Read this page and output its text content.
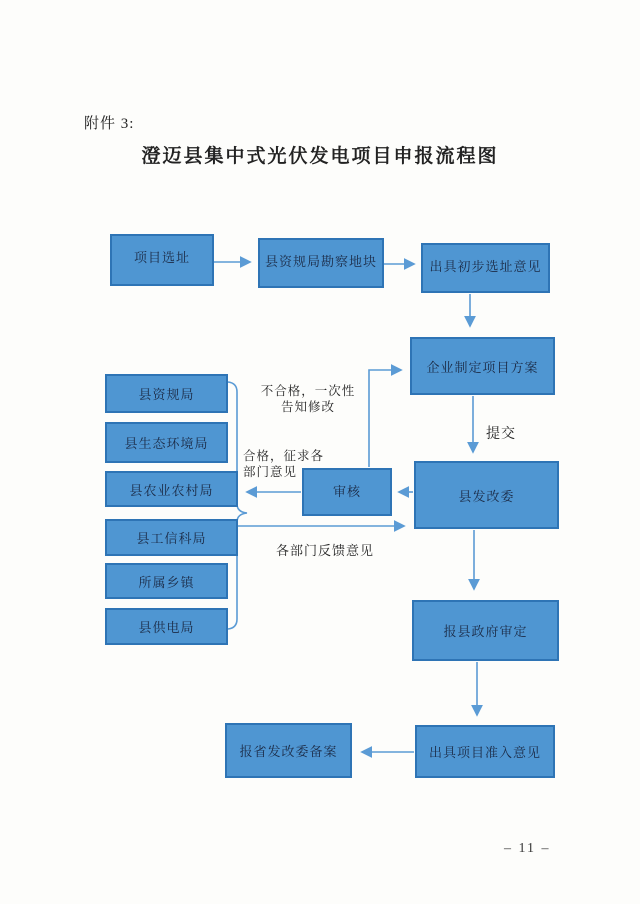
附件 3:
澄迈县集中式光伏发电项目申报流程图
项目选址	县资规局勘察地块	出具初步选址意见
企业制定项目方案
县发改委
审核
县资规局
县生态环境局
县农业农村局
县工信科局
所属乡镇
县供电局	报县政府审定
出具项目准入意见
报省发改委备案
提交
不合格，一次性
告知修改
合格，征求各
部门意见
各部门反馈意见
– 11 –
